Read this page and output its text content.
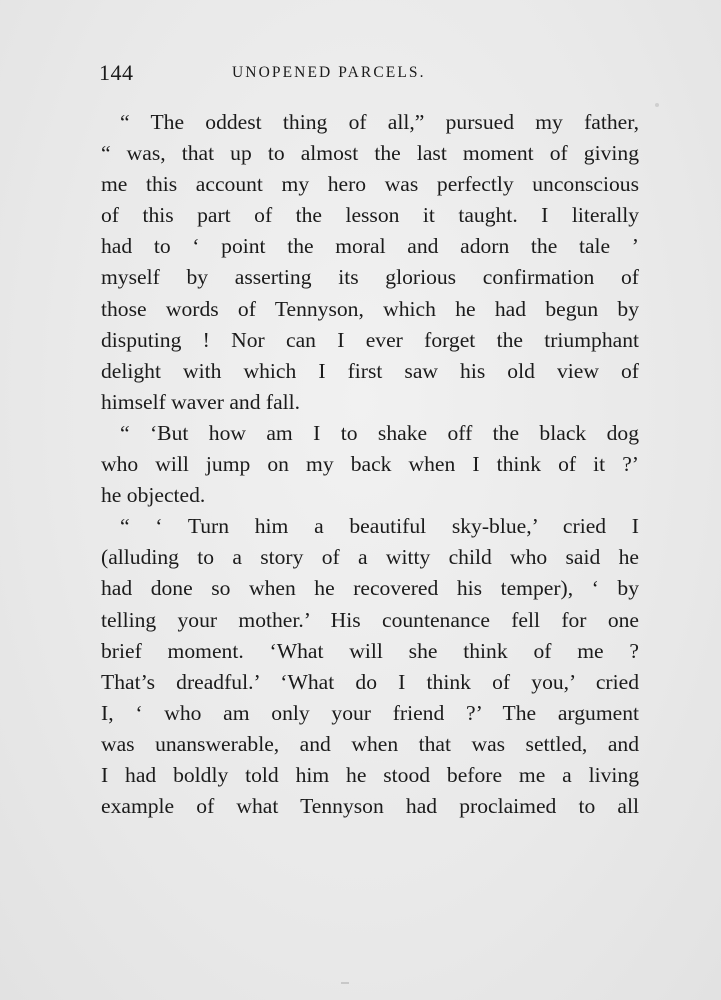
144	UNOPENED PARCELS.
“ The oddest thing of all,” pursued my father,
“ was, that up to almost the last moment of giving
me this account my hero was perfectly unconscious
of this part of the lesson it taught. I literally
had to ‘ point the moral and adorn the tale ’
myself by asserting its glorious confirmation of
those words of Tennyson, which he had begun by
disputing ! Nor can I ever forget the triumphant
delight with which I first saw his old view of
himself waver and fall.
“ ‘But how am I to shake off the black dog
who will jump on my back when I think of it ?’
he objected.
“ ‘ Turn him a beautiful sky-blue,’ cried I
(alluding to a story of a witty child who said he
had done so when he recovered his temper), ‘ by
telling your mother.’ His countenance fell for one
brief moment. ‘What will she think of me ?
That’s dreadful.’ ‘What do I think of you,’ cried
I, ‘ who am only your friend ?’ The argument
was unanswerable, and when that was settled, and
I had boldly told him he stood before me a living
example of what Tennyson had proclaimed to all
